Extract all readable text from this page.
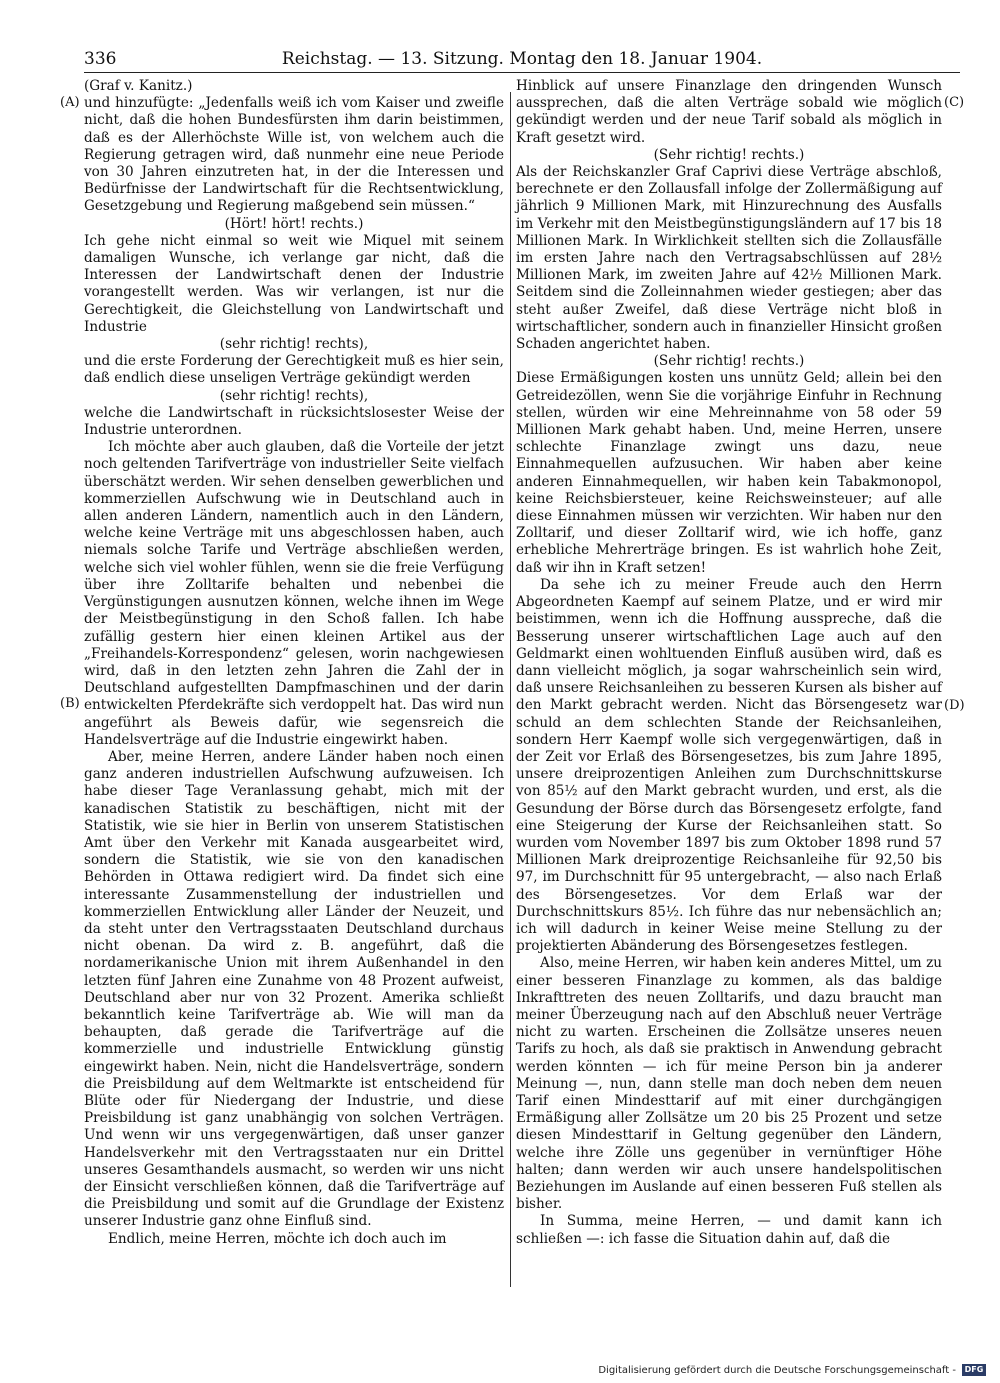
336	Reichstag. — 13. Sitzung. Montag den 18. Januar 1904.
(A)
(B)
(C)
(D)

(Graf v. Kanitz.)

und hinzufügte: „Jedenfalls weiß ich vom Kaiser und zweifle nicht, daß die hohen Bundesfürsten ihm darin beistimmen, daß es der Allerhöchste Wille ist, von welchem auch die Regierung getragen wird, daß nunmehr eine neue Periode von 30 Jahren einzutreten hat, in der die Interessen und Bedürfnisse der Landwirtschaft für die Rechtsentwicklung, Gesetzgebung und Regierung maßgebend sein müssen.“

(Hört! hört! rechts.)

Ich gehe nicht einmal so weit wie Miquel mit seinem damaligen Wunsche, ich verlange gar nicht, daß die Interessen der Landwirtschaft denen der Industrie vorangestellt werden. Was wir verlangen, ist nur die Gerechtigkeit, die Gleichstellung von Landwirtschaft und Industrie

(sehr richtig! rechts),

und die erste Forderung der Gerechtigkeit muß es hier sein, daß endlich diese unseligen Verträge gekündigt werden

(sehr richtig! rechts),

welche die Landwirtschaft in rücksichtslosester Weise der Industrie unterordnen.

Ich möchte aber auch glauben, daß die Vorteile der jetzt noch geltenden Tarifverträge von industrieller Seite vielfach überschätzt werden. Wir sehen denselben gewerblichen und kommerziellen Aufschwung wie in Deutschland auch in allen anderen Ländern, namentlich auch in den Ländern, welche keine Verträge mit uns abgeschlossen haben, auch niemals solche Tarife und Verträge abschließen werden, welche sich viel wohler fühlen, wenn sie die freie Verfügung über ihre Zolltarife behalten und nebenbei die Vergünstigungen ausnutzen können, welche ihnen im Wege der Meistbegünstigung in den Schoß fallen. Ich habe zufällig gestern hier einen kleinen Artikel aus der „Freihandels-Korrespondenz“ gelesen, worin nachgewiesen wird, daß in den letzten zehn Jahren die Zahl der in Deutschland aufgestellten Dampfmaschinen und der darin entwickelten Pferdekräfte sich verdoppelt hat. Das wird nun angeführt als Beweis dafür, wie segensreich die Handelsverträge auf die Industrie eingewirkt haben.

Aber, meine Herren, andere Länder haben noch einen ganz anderen industriellen Aufschwung aufzuweisen. Ich habe dieser Tage Veranlassung gehabt, mich mit der kanadischen Statistik zu beschäftigen, nicht mit der Statistik, wie sie hier in Berlin von unserem Statistischen Amt über den Verkehr mit Kanada ausgearbeitet wird, sondern die Statistik, wie sie von den kanadischen Behörden in Ottawa redigiert wird. Da findet sich eine interessante Zusammenstellung der industriellen und kommerziellen Entwicklung aller Länder der Neuzeit, und da steht unter den Vertragsstaaten Deutschland durchaus nicht obenan. Da wird z. B. angeführt, daß die nordamerikanische Union mit ihrem Außenhandel in den letzten fünf Jahren eine Zunahme von 48 Prozent aufweist, Deutschland aber nur von 32 Prozent. Amerika schließt bekanntlich keine Tarifverträge ab. Wie will man da behaupten, daß gerade die Tarifverträge auf die kommerzielle und industrielle Entwicklung günstig eingewirkt haben. Nein, nicht die Handelsverträge, sondern die Preisbildung auf dem Weltmarkte ist entscheidend für Blüte oder für Niedergang der Industrie, und diese Preisbildung ist ganz unabhängig von solchen Verträgen. Und wenn wir uns vergegenwärtigen, daß unser ganzer Handelsverkehr mit den Vertragsstaaten nur ein Drittel unseres Gesamthandels ausmacht, so werden wir uns nicht der Einsicht verschließen können, daß die Tarifverträge auf die Preisbildung und somit auf die Grundlage der Existenz unserer Industrie ganz ohne Einfluß sind.

Endlich, meine Herren, möchte ich doch auch im

Hinblick auf unsere Finanzlage den dringenden Wunsch aussprechen, daß die alten Verträge sobald wie möglich gekündigt werden und der neue Tarif sobald als möglich in Kraft gesetzt wird.

(Sehr richtig! rechts.)

Als der Reichskanzler Graf Caprivi diese Verträge abschloß, berechnete er den Zollausfall infolge der Zollermäßigung auf jährlich 9 Millionen Mark, mit Hinzurechnung des Ausfalls im Verkehr mit den Meistbegünstigungsländern auf 17 bis 18 Millionen Mark. In Wirklichkeit stellten sich die Zollausfälle im ersten Jahre nach den Vertragsabschlüssen auf 28½ Millionen Mark, im zweiten Jahre auf 42½ Millionen Mark. Seitdem sind die Zolleinnahmen wieder gestiegen; aber das steht außer Zweifel, daß diese Verträge nicht bloß in wirtschaftlicher, sondern auch in finanzieller Hinsicht großen Schaden angerichtet haben.

(Sehr richtig! rechts.)

Diese Ermäßigungen kosten uns unnütz Geld; allein bei den Getreidezöllen, wenn Sie die vorjährige Einfuhr in Rechnung stellen, würden wir eine Mehreinnahme von 58 oder 59 Millionen Mark gehabt haben. Und, meine Herren, unsere schlechte Finanzlage zwingt uns dazu, neue Einnahmequellen aufzusuchen. Wir haben aber keine anderen Einnahmequellen, wir haben kein Tabakmonopol, keine Reichsbiersteuer, keine Reichsweinsteuer; auf alle diese Einnahmen müssen wir verzichten. Wir haben nur den Zolltarif, und dieser Zolltarif wird, wie ich hoffe, ganz erhebliche Mehrerträge bringen. Es ist wahrlich hohe Zeit, daß wir ihn in Kraft setzen!

Da sehe ich zu meiner Freude auch den Herrn Abgeordneten Kaempf auf seinem Platze, und er wird mir beistimmen, wenn ich die Hoffnung ausspreche, daß die Besserung unserer wirtschaftlichen Lage auch auf den Geldmarkt einen wohltuenden Einfluß ausüben wird, daß es dann vielleicht möglich, ja sogar wahrscheinlich sein wird, daß unsere Reichsanleihen zu besseren Kursen als bisher auf den Markt gebracht werden. Nicht das Börsengesetz war schuld an dem schlechten Stande der Reichsanleihen, sondern Herr Kaempf wolle sich vergegenwärtigen, daß in der Zeit vor Erlaß des Börsengesetzes, bis zum Jahre 1895, unsere dreiprozentigen Anleihen zum Durchschnittskurse von 85½ auf den Markt gebracht wurden, und erst, als die Gesundung der Börse durch das Börsengesetz erfolgte, fand eine Steigerung der Kurse der Reichsanleihen statt. So wurden vom November 1897 bis zum Oktober 1898 rund 57 Millionen Mark dreiprozentige Reichsanleihe für 92,50 bis 97, im Durchschnitt für 95 untergebracht, — also nach Erlaß des Börsengesetzes. Vor dem Erlaß war der Durchschnittskurs 85½. Ich führe das nur nebensächlich an; ich will dadurch in keiner Weise meine Stellung zu der projektierten Abänderung des Börsengesetzes festlegen.

Also, meine Herren, wir haben kein anderes Mittel, um zu einer besseren Finanzlage zu kommen, als das baldige Inkrafttreten des neuen Zolltarifs, und dazu braucht man meiner Überzeugung nach auf den Abschluß neuer Verträge nicht zu warten. Erscheinen die Zollsätze unseres neuen Tarifs zu hoch, als daß sie praktisch in Anwendung gebracht werden könnten — ich für meine Person bin ja anderer Meinung —, nun, dann stelle man doch neben dem neuen Tarif einen Mindesttarif auf mit einer durchgängigen Ermäßigung aller Zollsätze um 20 bis 25 Prozent und setze diesen Mindesttarif in Geltung gegenüber den Ländern, welche ihre Zölle uns gegenüber in vernünftiger Höhe halten; dann werden wir auch unsere handelspolitischen Beziehungen im Auslande auf einen besseren Fuß stellen als bisher.

In Summa, meine Herren, — und damit kann ich schließen —: ich fasse die Situation dahin auf, daß die

Digitalisierung gefördert durch die Deutsche Forschungsgemeinschaft -	DFG
